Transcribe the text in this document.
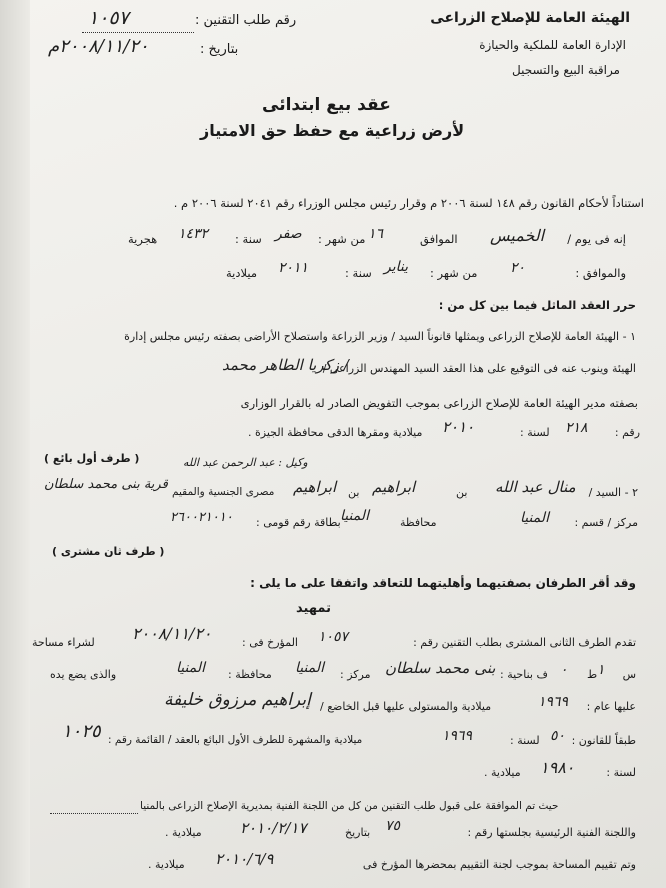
الهيئة العامة للإصلاح الزراعى
الإدارة العامة للملكية والحيازة
مراقبة البيع والتسجيل
رقم طلب التقنين :
١٠٥٧
بتاريخ :
٢٠٠٨/١١/٢٠م
عقد بيع ابتدائى
لأرض زراعية مع حفظ حق الامتياز
استناداً لأحكام القانون رقم ١٤٨ لسنة ٢٠٠٦ م وقرار رئيس مجلس الوزراء رقم ٢٠٤١ لسنة ٢٠٠٦ م .
إنه فى يوم /
الخميس
الموافق
١٦
من شهر :
صفر
سنة :
١٤٣٢
هجرية
والموافق :
٢٠
من شهر :
يناير
سنة :
٢٠١١
ميلادية
حرر العقد الماثل فيما بين كل من :
١ - الهيئة العامة للإصلاح الزراعى ويمثلها قانوناً السيد / وزير الزراعة واستصلاح الأراضى بصفته رئيس مجلس إدارة
الهيئة وينوب عنه فى التوقيع على هذا العقد السيد المهندس الزراعى /
/ زكريا الطاهر محمد
بصفته مدير الهيئة العامة للإصلاح الزراعى بموجب التفويض الصادر له بالقرار الوزارى
رقم :
٢١٨
لسنة :
٢٠١٠
ميلادية ومقرها الدقى محافظة الجيزة .
( طرف أول بائع )
٢ - السيد /
منال عبد الله
بن
ابراهيم
بن
ابراهيم
مصرى الجنسية والمقيم
قرية بنى محمد سلطان
وكيل : عبد الرحمن عبد الله
مركز / قسم :
المنيا
محافظة
المنيا
بطاقة رقم قومى :
٢٦٠٠٢١٠١٠
( طرف ثان مشترى )
وقد أقر الطرفان بصفتيهما وأهليتهما للتعاقد واتفقا على ما يلى :
تمهيد
تقدم الطرف الثانى المشترى بطلب التقنين رقم :
١٠٥٧
المؤرخ فى :
٢٠٠٨/١١/٢٠
لشراء مساحة
س
١
ط
٠
ف بناحية :
بنى محمد سلطان
مركز :
المنيا
محافظة :
المنيا
والذى يضع يده
عليها عام :
١٩٦٩
ميلادية والمستولى عليها قبل الخاضع /
إبراهيم مرزوق خليفة
طبقاً للقانون :
٥٠
لسنة :
١٩٦٩
ميلادية والمشهرة للطرف الأول البائع بالعقد / القائمة رقم :
١٠٢٥
لسنة :
١٩٨٠
ميلادية .
حيث تم الموافقة على قبول طلب التقنين من كل من اللجنة الفنية بمديرية الإصلاح الزراعى بالمنيا
واللجنة الفنية الرئيسية بجلستها رقم :
٧٥
بتاريخ
٢٠١٠/٢/١٧
ميلادية .
وتم تقييم المساحة بموجب لجنة التقييم بمحضرها المؤرخ فى
٢٠١٠/٦/٩
ميلادية .
